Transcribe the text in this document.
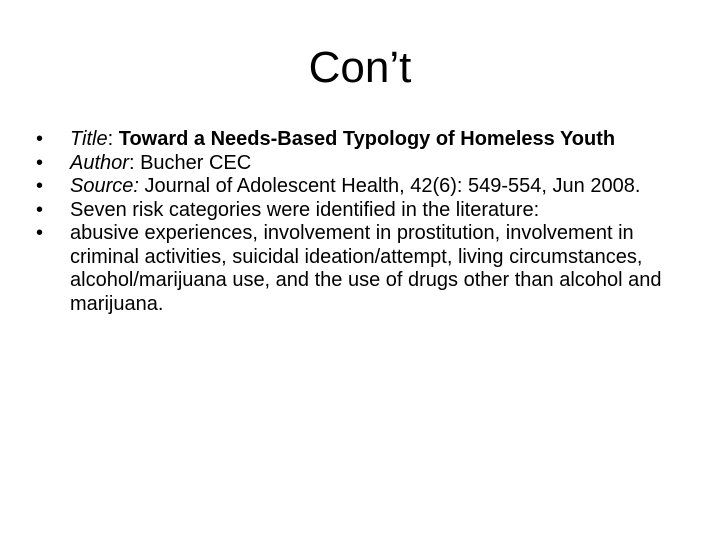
Con’t
•	Title: Toward a Needs-Based Typology of Homeless Youth
•	Author: Bucher CEC
•	Source: Journal of Adolescent Health, 42(6): 549-554, Jun 2008.
•	Seven risk categories were identified in the literature:
•	abusive experiences, involvement in prostitution, involvement in criminal activities, suicidal ideation/attempt, living circumstances, alcohol/marijuana use, and the use of drugs other than alcohol and marijuana.
